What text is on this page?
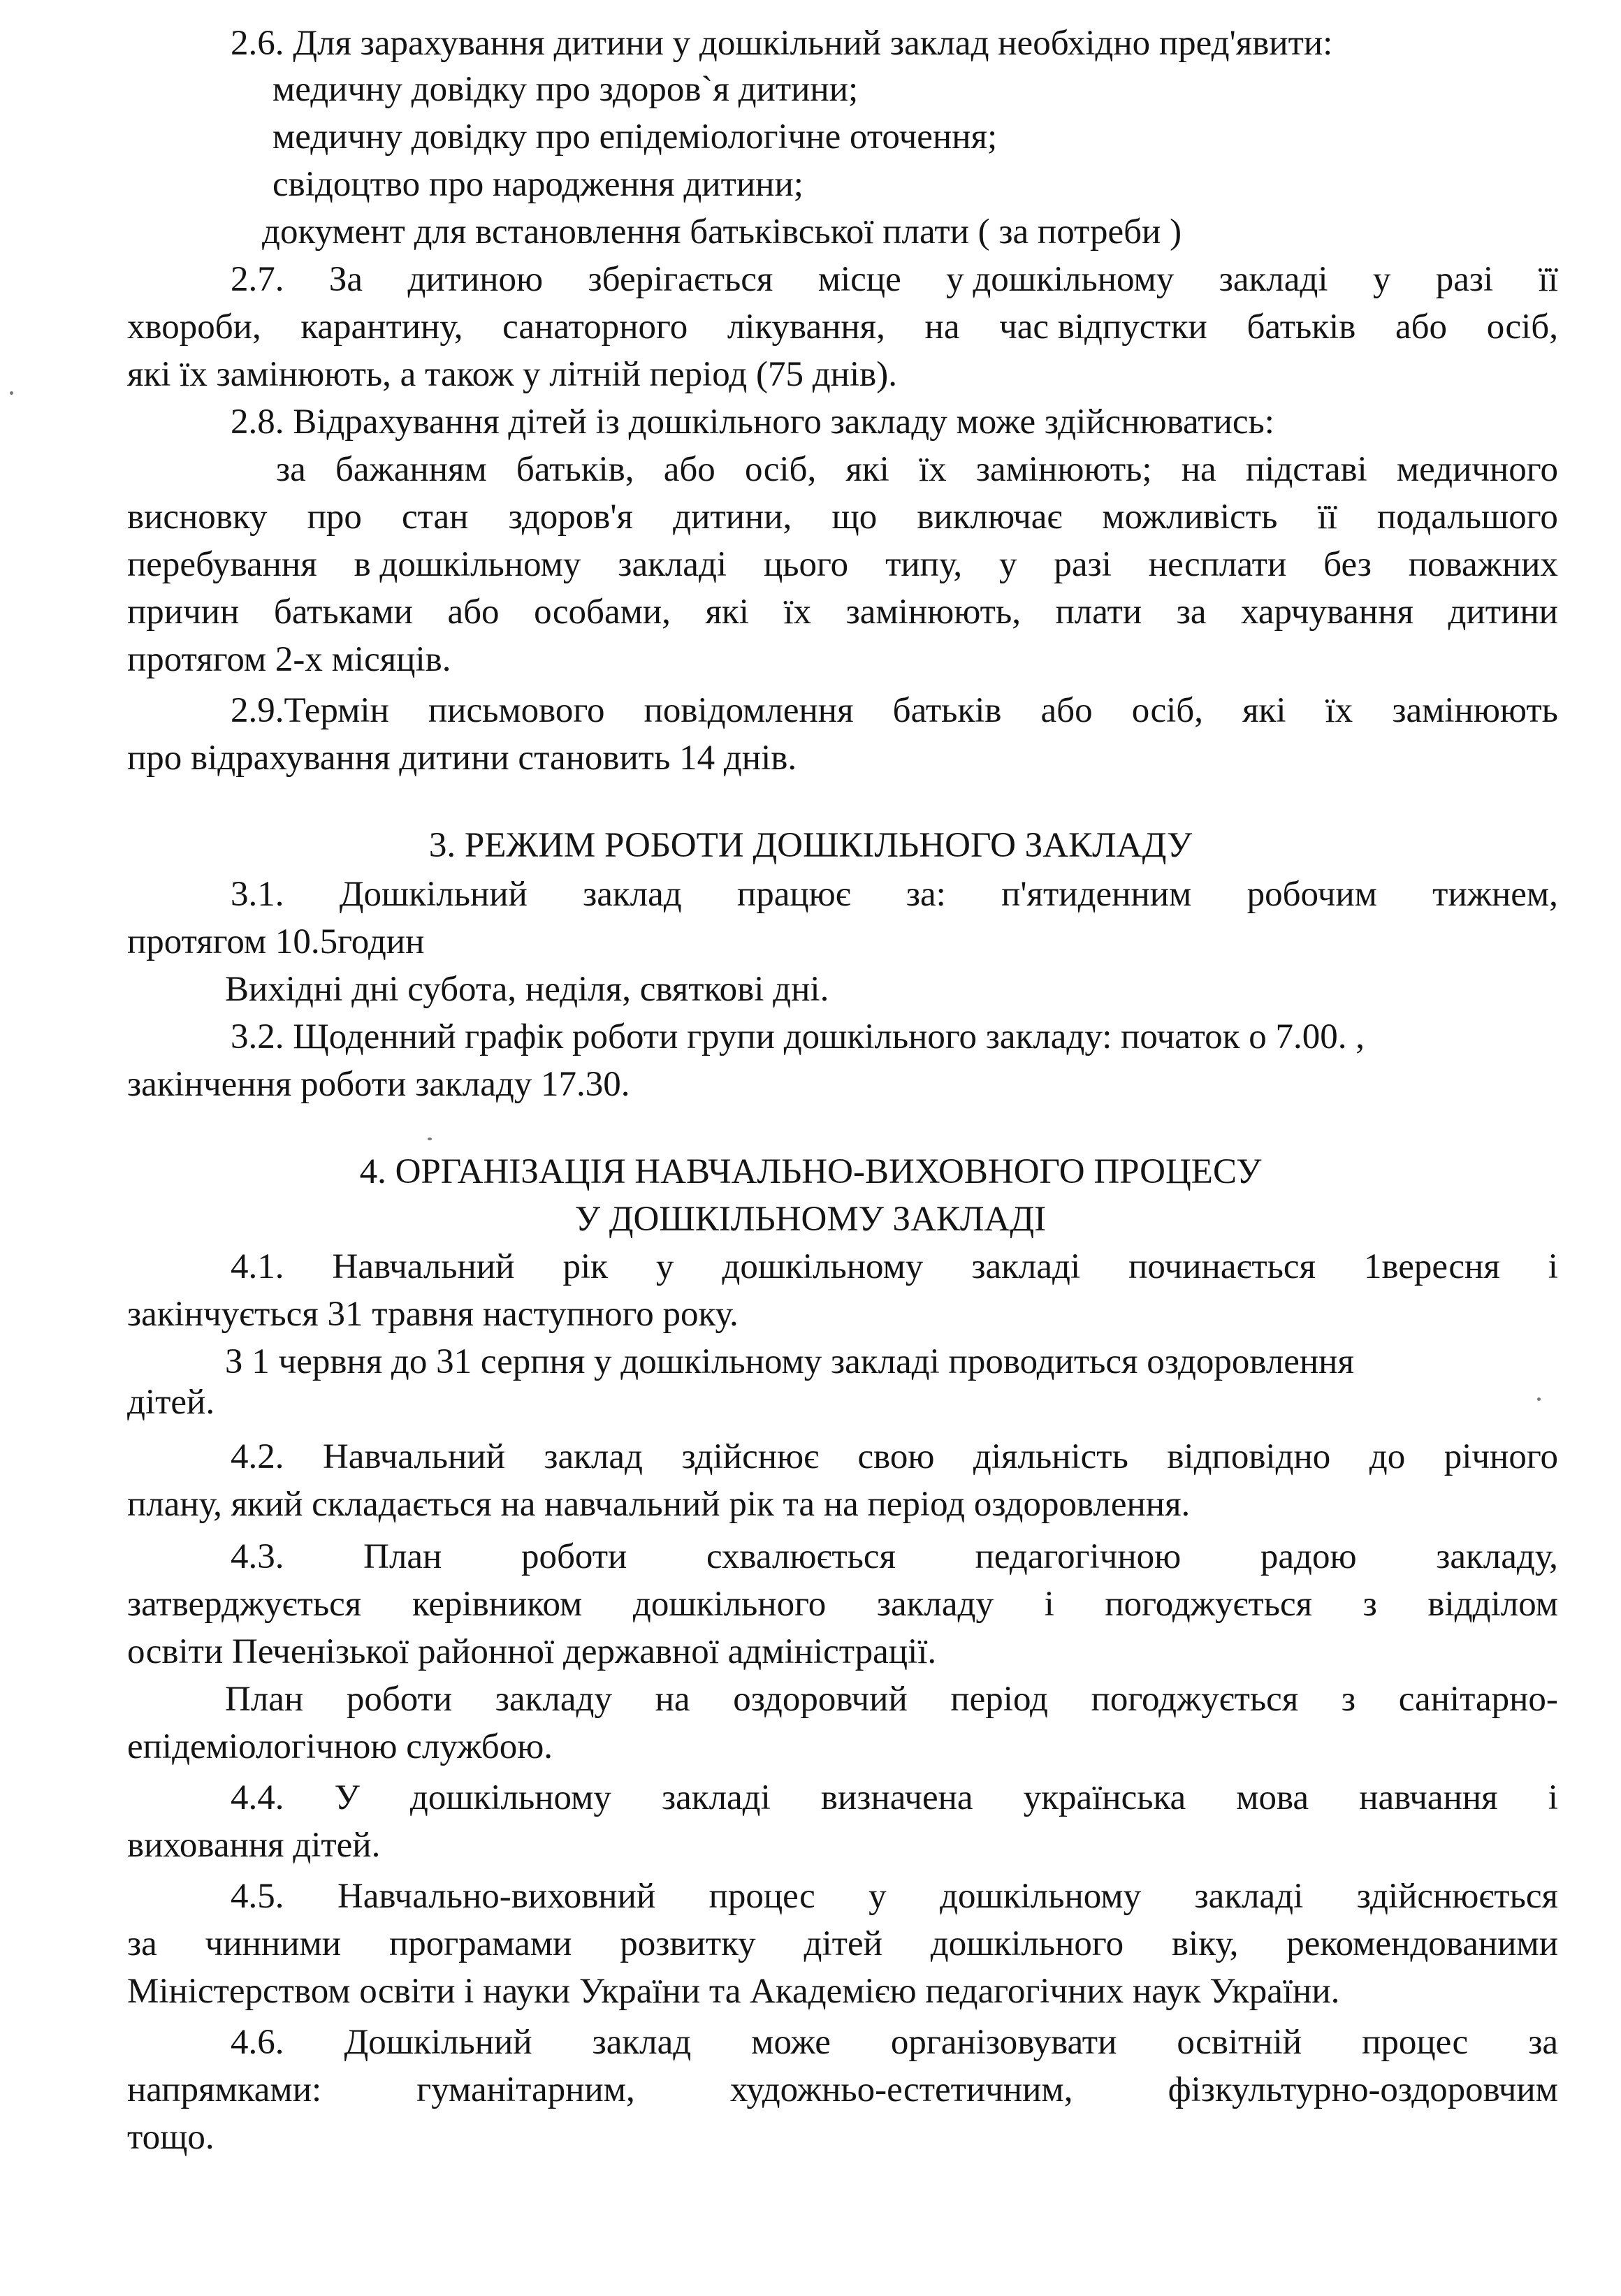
2.6. Для зарахування дитини у дошкільний заклад необхідно пред'явити:
медичну довідку про здоров`я дитини;
медичну довідку про епідеміологічне оточення;
свідоцтво про народження дитини;
документ для встановлення батьківської плати ( за потреби )
2.7. За дитиною зберігається місце у дошкільному закладі у разі її
хвороби, карантину, санаторного лікування, на час відпустки батьків або осіб,
які їх замінюють, а також у літній період (75 днів).
2.8. Відрахування дітей із дошкільного закладу може здійснюватись:
за бажанням батьків, або осіб, які їх замінюють; на підставі медичного
висновку про стан здоров'я дитини, що виключає можливість її подальшого
перебування в дошкільному закладі цього типу, у разі несплати без поважних
причин батьками або особами, які їх замінюють, плати за харчування дитини
протягом 2-х місяців.
2.9.Термін письмового повідомлення батьків або осіб, які їх замінюють
про відрахування дитини становить 14 днів.
3. РЕЖИМ РОБОТИ ДОШКІЛЬНОГО ЗАКЛАДУ
3.1. Дошкільний заклад працює за: п'ятиденним робочим тижнем,
протягом 10.5годин
Вихідні дні субота, неділя, святкові дні.
3.2. Щоденний графік роботи групи дошкільного закладу: початок о 7.00. ,
закінчення роботи закладу 17.30.
4. ОРГАНІЗАЦІЯ НАВЧАЛЬНО-ВИХОВНОГО ПРОЦЕСУ
У ДОШКІЛЬНОМУ ЗАКЛАДІ
4.1. Навчальний рік у дошкільному закладі починається 1вересня і
закінчується 31 травня наступного року.
З 1 червня до 31 серпня у дошкільному закладі проводиться оздоровлення
дітей.
4.2. Навчальний заклад здійснює свою діяльність відповідно до річного
плану, який складається на навчальний рік та на період оздоровлення.
4.3. План роботи схвалюється педагогічною радою закладу,
затверджується керівником дошкільного закладу і погоджується з відділом
освіти Печенізької районної державної адміністрації.
План роботи закладу на оздоровчий період погоджується з санітарно-
епідеміологічною службою.
4.4. У дошкільному закладі визначена українська мова навчання і
виховання дітей.
4.5. Навчально-виховний процес у дошкільному закладі здійснюється
за чинними програмами розвитку дітей дошкільного віку, рекомендованими
Міністерством освіти і науки України та Академією педагогічних наук України.
4.6. Дошкільний заклад може організовувати освітній процес за
напрямками:	гуманітарним,	художньо-естетичним,	фізкультурно-оздоровчим
тощо.
